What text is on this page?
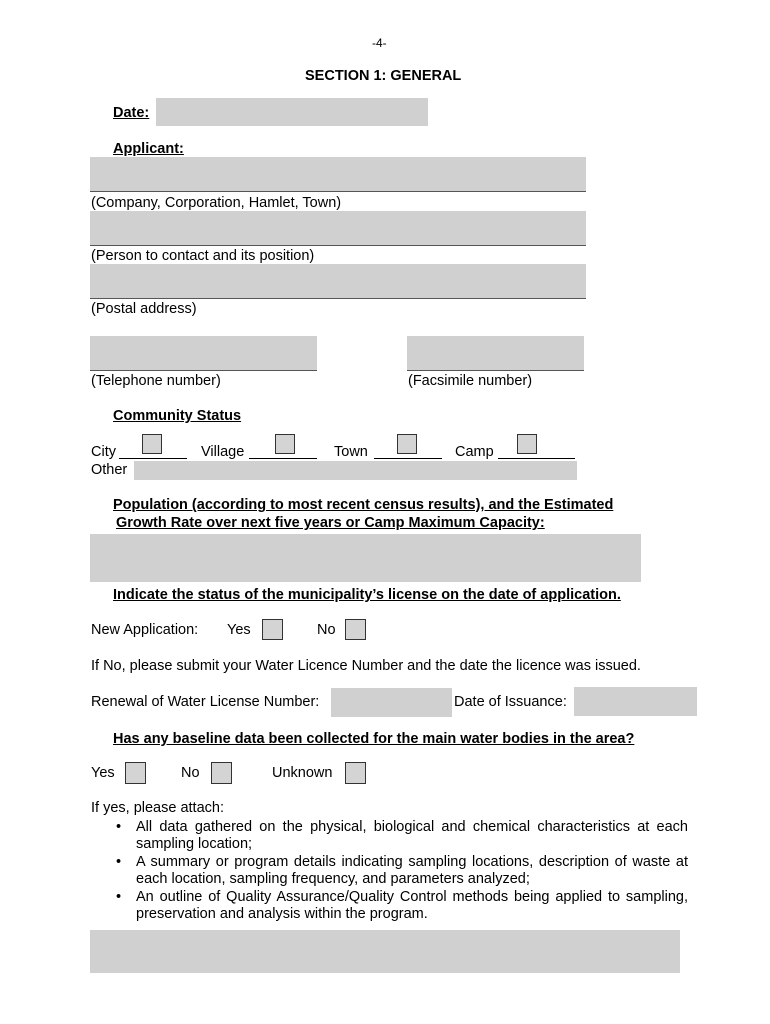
-4-
SECTION 1: GENERAL
Date:
Applicant:
(Company, Corporation, Hamlet, Town)
(Person to contact and its position)
(Postal address)
(Telephone number)	(Facsimile number)
Community Status
City	Village	Town	Camp
Other
Population (according to most recent census results), and the Estimated
Growth Rate over next five years or Camp Maximum Capacity:
Indicate the status of the municipality’s license on the date of application.
New Application: Yes	No
If No, please submit your Water Licence Number and the date the licence was issued.
Renewal of Water License Number:	Date of Issuance:
Has any baseline data been collected for the main water bodies in the area?
Yes	No	Unknown
If yes, please attach:
• All data gathered on the physical, biological and chemical characteristics at each sampling location;
• A summary or program details indicating sampling locations, description of waste at each location, sampling frequency, and parameters analyzed;
• An outline of Quality Assurance/Quality Control methods being applied to sampling, preservation and analysis within the program.
